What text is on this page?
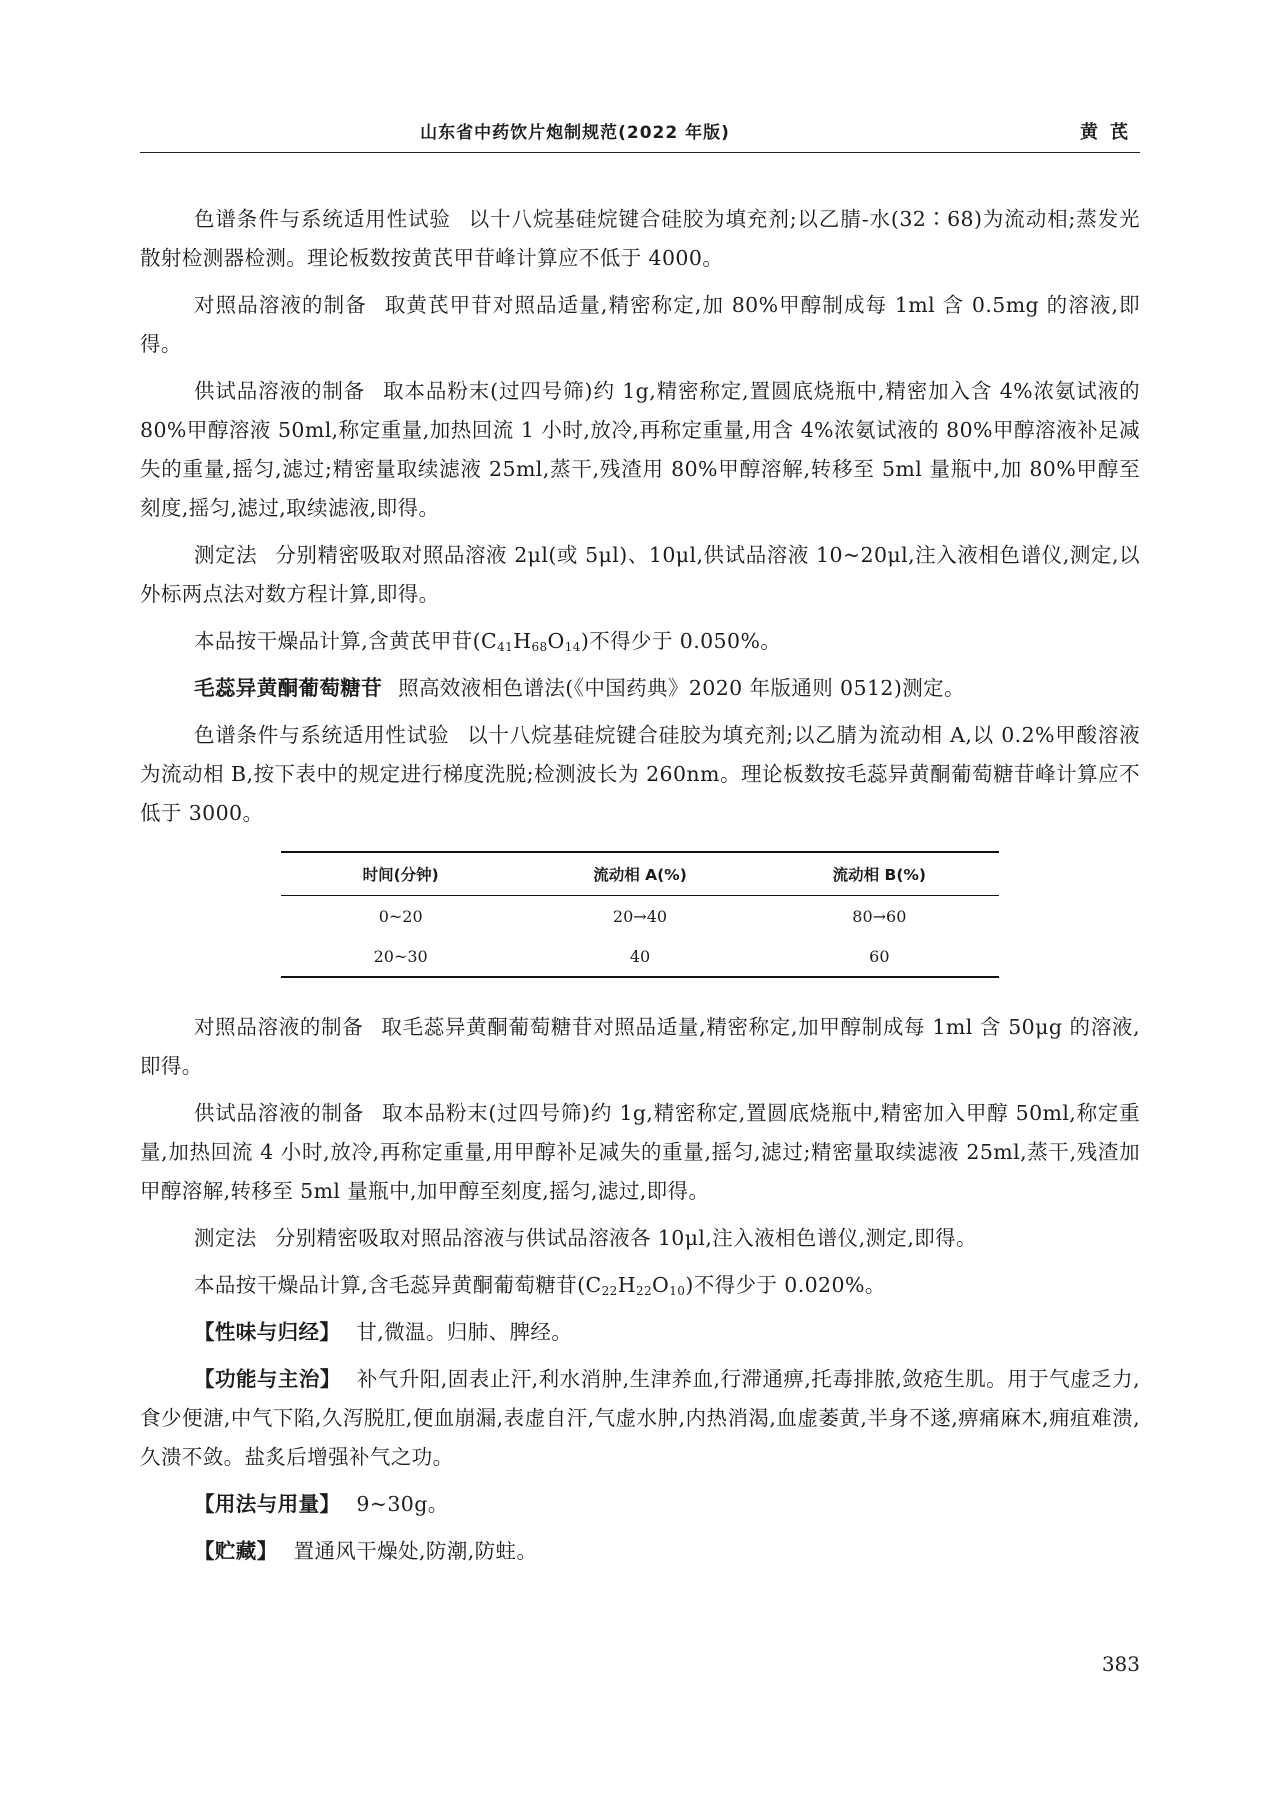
山东省中药饮片炮制规范(2022 年版)	黄芪

色谱条件与系统适用性试验 以十八烷基硅烷键合硅胶为填充剂;以乙腈-水(32∶68)为流动相;蒸发光散射检测器检测。理论板数按黄芪甲苷峰计算应不低于 4000。

对照品溶液的制备 取黄芪甲苷对照品适量,精密称定,加 80%甲醇制成每 1ml 含 0.5mg 的溶液,即得。

供试品溶液的制备 取本品粉末(过四号筛)约 1g,精密称定,置圆底烧瓶中,精密加入含 4%浓氨试液的 80%甲醇溶液 50ml,称定重量,加热回流 1 小时,放冷,再称定重量,用含 4%浓氨试液的 80%甲醇溶液补足减失的重量,摇匀,滤过;精密量取续滤液 25ml,蒸干,残渣用 80%甲醇溶解,转移至 5ml 量瓶中,加 80%甲醇至刻度,摇匀,滤过,取续滤液,即得。

测定法 分别精密吸取对照品溶液 2μl(或 5μl)、10μl,供试品溶液 10~20μl,注入液相色谱仪,测定,以外标两点法对数方程计算,即得。

本品按干燥品计算,含黄芪甲苷$(C_{41}H_{68}O_{14})$不得少于 0.050%。

毛蕊异黄酮葡萄糖苷 照高效液相色谱法(《中国药典》2020 年版通则 0512)测定。

色谱条件与系统适用性试验 以十八烷基硅烷键合硅胶为填充剂;以乙腈为流动相 A,以 0.2%甲酸溶液为流动相 B,按下表中的规定进行梯度洗脱;检测波长为 260nm。理论板数按毛蕊异黄酮葡萄糖苷峰计算应不低于 3000。

时间(分钟)	流动相 A(%)	流动相 B(%)
0~20	20→40	80→60
20~30	40	60

对照品溶液的制备 取毛蕊异黄酮葡萄糖苷对照品适量,精密称定,加甲醇制成每 1ml 含 50μg 的溶液,即得。

供试品溶液的制备 取本品粉末(过四号筛)约 1g,精密称定,置圆底烧瓶中,精密加入甲醇 50ml,称定重量,加热回流 4 小时,放冷,再称定重量,用甲醇补足减失的重量,摇匀,滤过;精密量取续滤液 25ml,蒸干,残渣加甲醇溶解,转移至 5ml 量瓶中,加甲醇至刻度,摇匀,滤过,即得。

测定法 分别精密吸取对照品溶液与供试品溶液各 10μl,注入液相色谱仪,测定,即得。

本品按干燥品计算,含毛蕊异黄酮葡萄糖苷$(C_{22}H_{22}O_{10})$不得少于 0.020%。

【性味与归经】 甘,微温。归肺、脾经。

【功能与主治】 补气升阳,固表止汗,利水消肿,生津养血,行滞通痹,托毒排脓,敛疮生肌。用于气虚乏力,食少便溏,中气下陷,久泻脱肛,便血崩漏,表虚自汗,气虚水肿,内热消渴,血虚萎黄,半身不遂,痹痛麻木,痈疽难溃,久溃不敛。盐炙后增强补气之功。

【用法与用量】 9~30g。

【贮藏】 置通风干燥处,防潮,防蛀。

383
